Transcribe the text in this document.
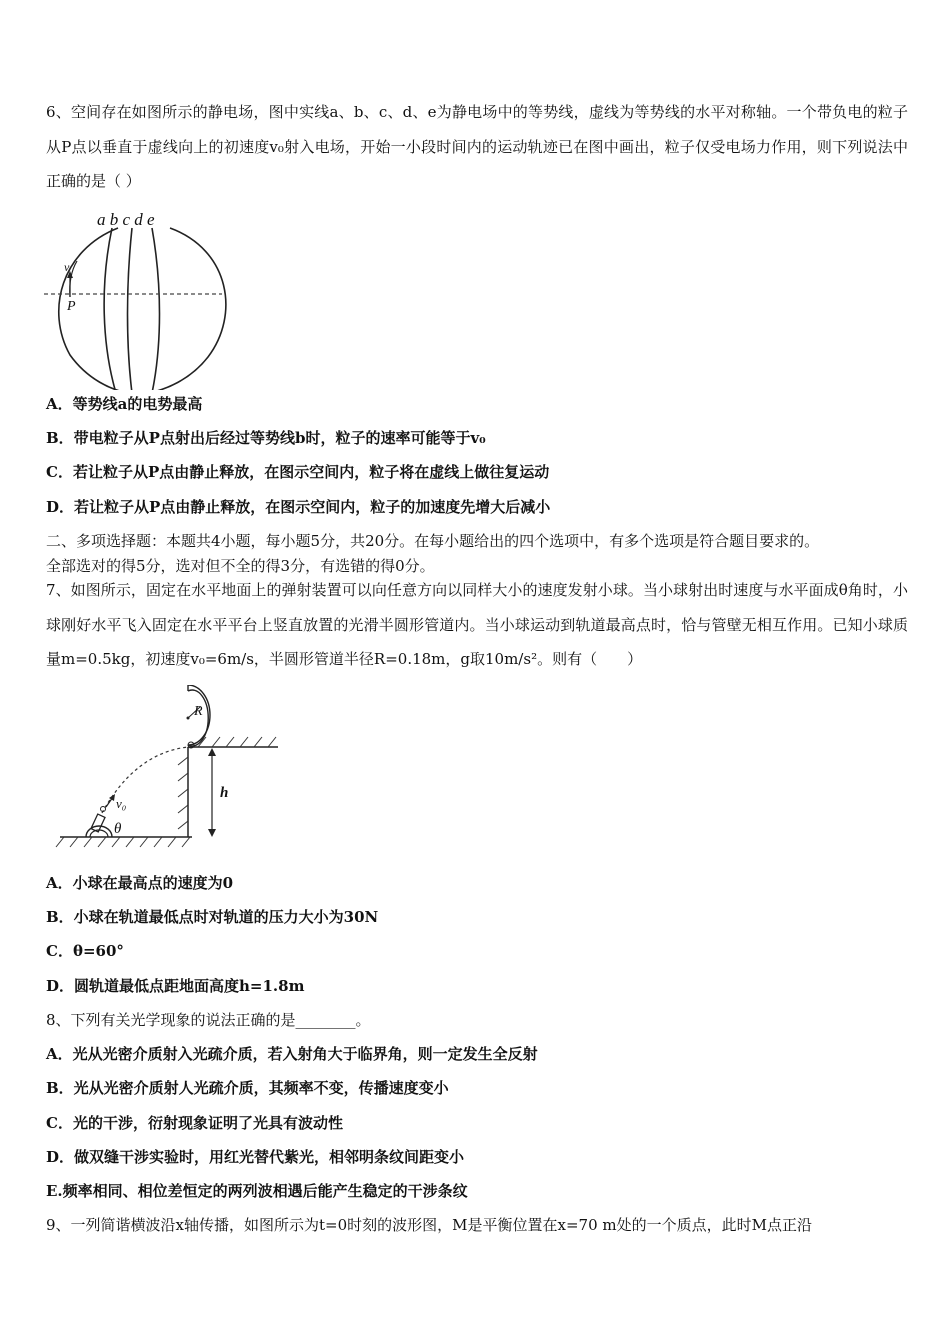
6、空间存在如图所示的静电场，图中实线a、b、c、d、e为静电场中的等势线，虚线为等势线的水平对称轴。一个带负电的粒子从P点以垂直于虚线向上的初速度v₀射入电场，开始一小段时间内的运动轨迹已在图中画出，粒子仅受电场力作用，则下列说法中正确的是（ ）
a b c d e
v
P
A．等势线a的电势最高
B．带电粒子从P点射出后经过等势线b时，粒子的速率可能等于v₀
C．若让粒子从P点由静止释放，在图示空间内，粒子将在虚线上做往复运动
D．若让粒子从P点由静止释放，在图示空间内，粒子的加速度先增大后减小
二、多项选择题：本题共4小题，每小题5分，共20分。在每小题给出的四个选项中，有多个选项是符合题目要求的。
全部选对的得5分，选对但不全的得3分，有选错的得0分。
7、如图所示，固定在水平地面上的弹射装置可以向任意方向以同样大小的速度发射小球。当小球射出时速度与水平面成θ角时，小球刚好水平飞入固定在水平平台上竖直放置的光滑半圆形管道内。当小球运动到轨道最高点时，恰与管壁无相互作用。已知小球质量m=0.5kg，初速度v₀=6m/s，半圆形管道半径R=0.18m，g取10m/s²。则有（　　）
R
h
v₀
θ
A．小球在最高点的速度为0
B．小球在轨道最低点时对轨道的压力大小为30N
C．θ=60°
D．圆轨道最低点距地面高度h=1.8m
8、下列有关光学现象的说法正确的是________。
A．光从光密介质射入光疏介质，若入射角大于临界角，则一定发生全反射
B．光从光密介质射人光疏介质，其频率不变，传播速度变小
C．光的干涉，衍射现象证明了光具有波动性
D．做双缝干涉实验时，用红光替代紫光，相邻明条纹间距变小
E.频率相同、相位差恒定的两列波相遇后能产生稳定的干涉条纹
9、一列简谐横波沿x轴传播，如图所示为t=0时刻的波形图，M是平衡位置在x=70 m处的一个质点，此时M点正沿
